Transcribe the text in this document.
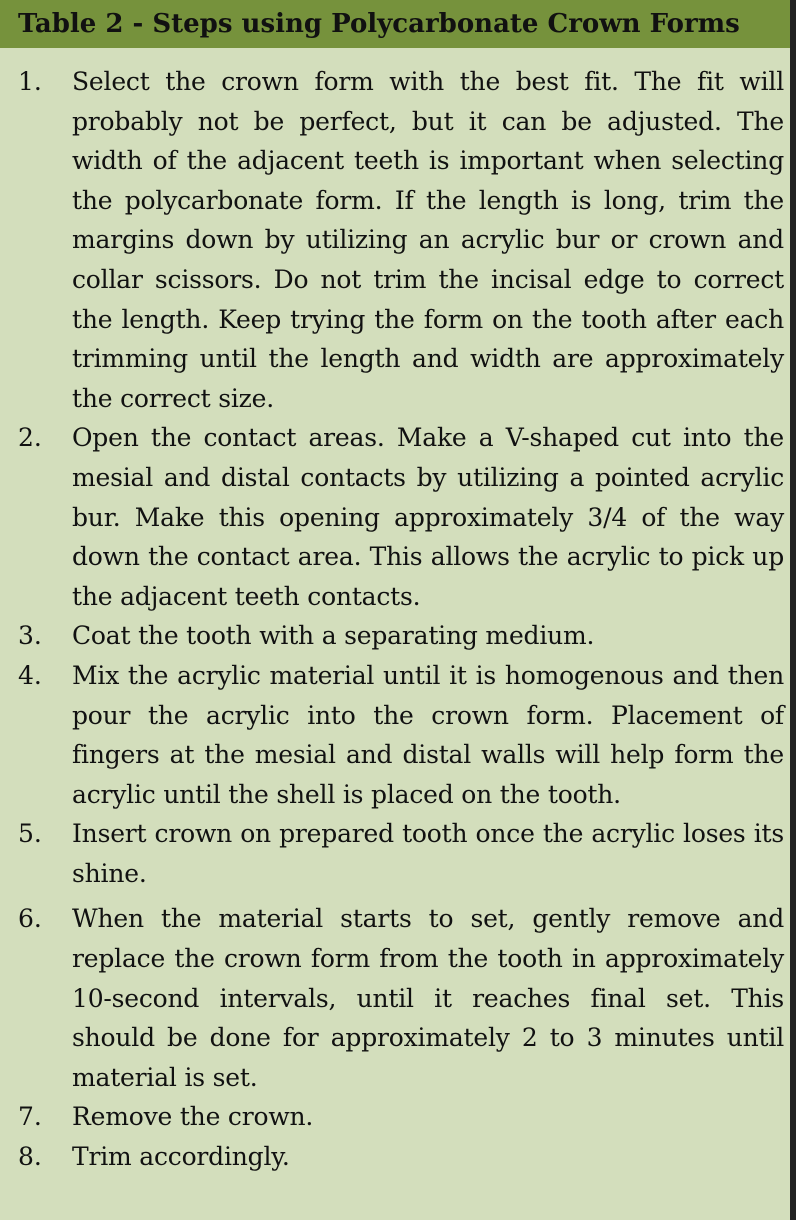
Table 2 - Steps using Polycarbonate Crown Forms
1.	Select the crown form with the best fit. The fit will probably not be perfect, but it can be adjusted. The width of the adjacent teeth is important when selecting the polycarbonate form. If the length is long, trim the margins down by utilizing an acrylic bur or crown and collar scissors. Do not trim the incisal edge to correct the length. Keep trying the form on the tooth after each trimming until the length and width are approximately the correct size.
2.	Open the contact areas. Make a V-shaped cut into the mesial and distal contacts by utilizing a pointed acrylic bur. Make this opening approximately 3/4 of the way down the contact area. This allows the acrylic to pick up the adjacent teeth contacts.
3.	Coat the tooth with a separating medium.
4.	Mix the acrylic material until it is homogenous and then pour the acrylic into the crown form. Placement of fingers at the mesial and distal walls will help form the acrylic until the shell is placed on the tooth.
5.	Insert crown on prepared tooth once the acrylic loses its shine.
6.	When the material starts to set, gently remove and replace the crown form from the tooth in approximately 10-second intervals, until it reaches final set. This should be done for approximately 2 to 3 minutes until material is set.
7.	Remove the crown.
8.	Trim accordingly.
